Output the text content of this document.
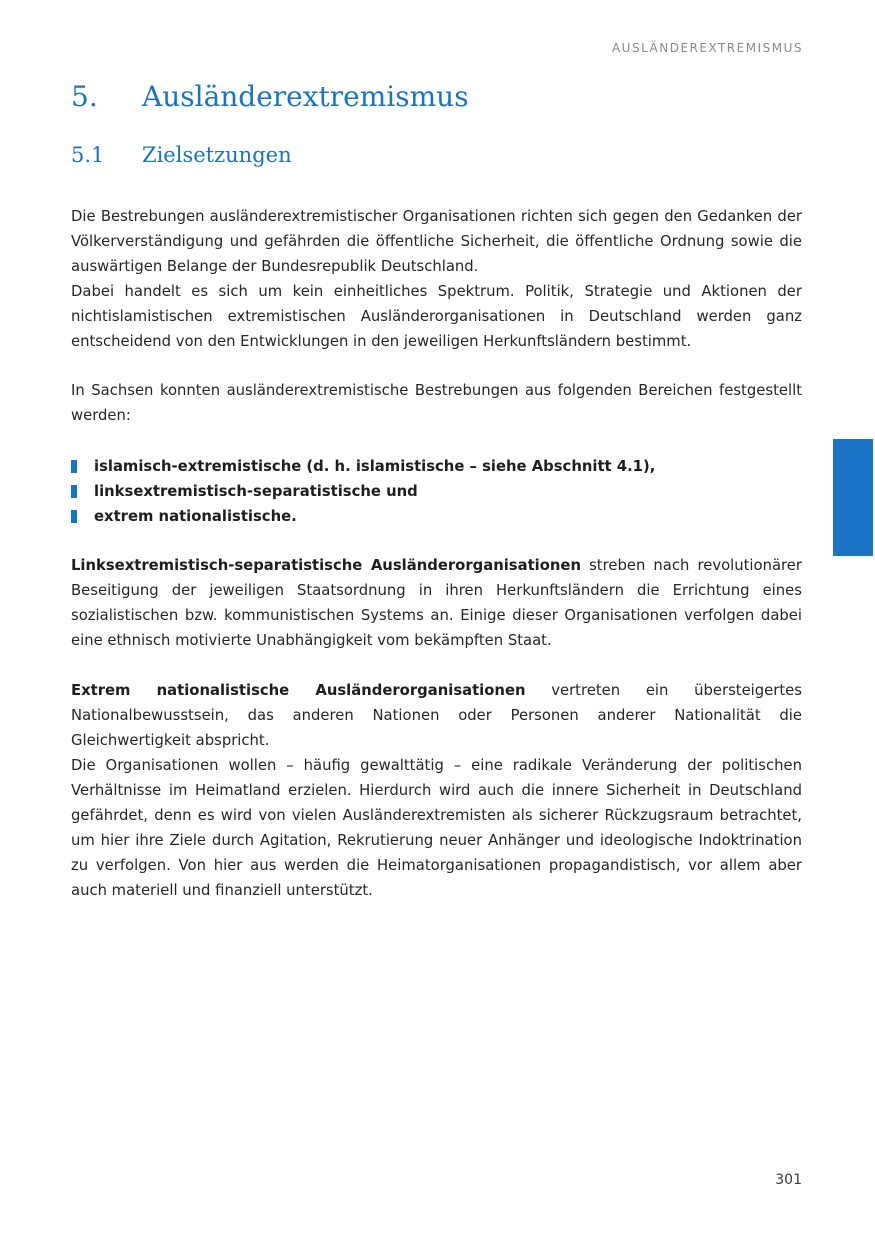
AUSLÄNDEREXTREMISMUS
5.	Ausländerextremismus
5.1	Zielsetzungen

Die Bestrebungen ausländerextremistischer Organisationen richten sich gegen den Gedanken der Völkerverständigung und gefährden die öffentliche Sicherheit, die öffentliche Ordnung sowie die auswärtigen Belange der Bundesrepublik Deutschland.

Dabei handelt es sich um kein einheitliches Spektrum. Politik, Strategie und Aktionen der nichtislamistischen extremistischen Ausländerorganisationen in Deutschland werden ganz entscheidend von den Entwicklungen in den jeweiligen Herkunftsländern bestimmt.

In Sachsen konnten ausländerextremistische Bestrebungen aus folgenden Bereichen festgestellt werden:

islamisch-extremistische (d. h. islamistische – siehe Abschnitt 4.1),
linksextremistisch-separatistische und
extrem nationalistische.

Linksextremistisch-separatistische Ausländerorganisationen streben nach revolutionärer Beseitigung der jeweiligen Staatsordnung in ihren Herkunftsländern die Errichtung eines sozialistischen bzw. kommunistischen Systems an. Einige dieser Organisationen verfolgen dabei eine ethnisch motivierte Unabhängigkeit vom bekämpften Staat.

Extrem nationalistische Ausländerorganisationen vertreten ein übersteigertes Nationalbewusstsein, das anderen Nationen oder Personen anderer Nationalität die Gleichwertigkeit abspricht.

Die Organisationen wollen – häufig gewalttätig – eine radikale Veränderung der politischen Verhältnisse im Heimatland erzielen. Hierdurch wird auch die innere Sicherheit in Deutschland gefährdet, denn es wird von vielen Ausländerextremisten als sicherer Rückzugsraum betrachtet, um hier ihre Ziele durch Agitation, Rekrutierung neuer Anhänger und ideologische Indoktrination zu verfolgen. Von hier aus werden die Heimatorganisationen propagandistisch, vor allem aber auch materiell und finanziell unterstützt.

301
